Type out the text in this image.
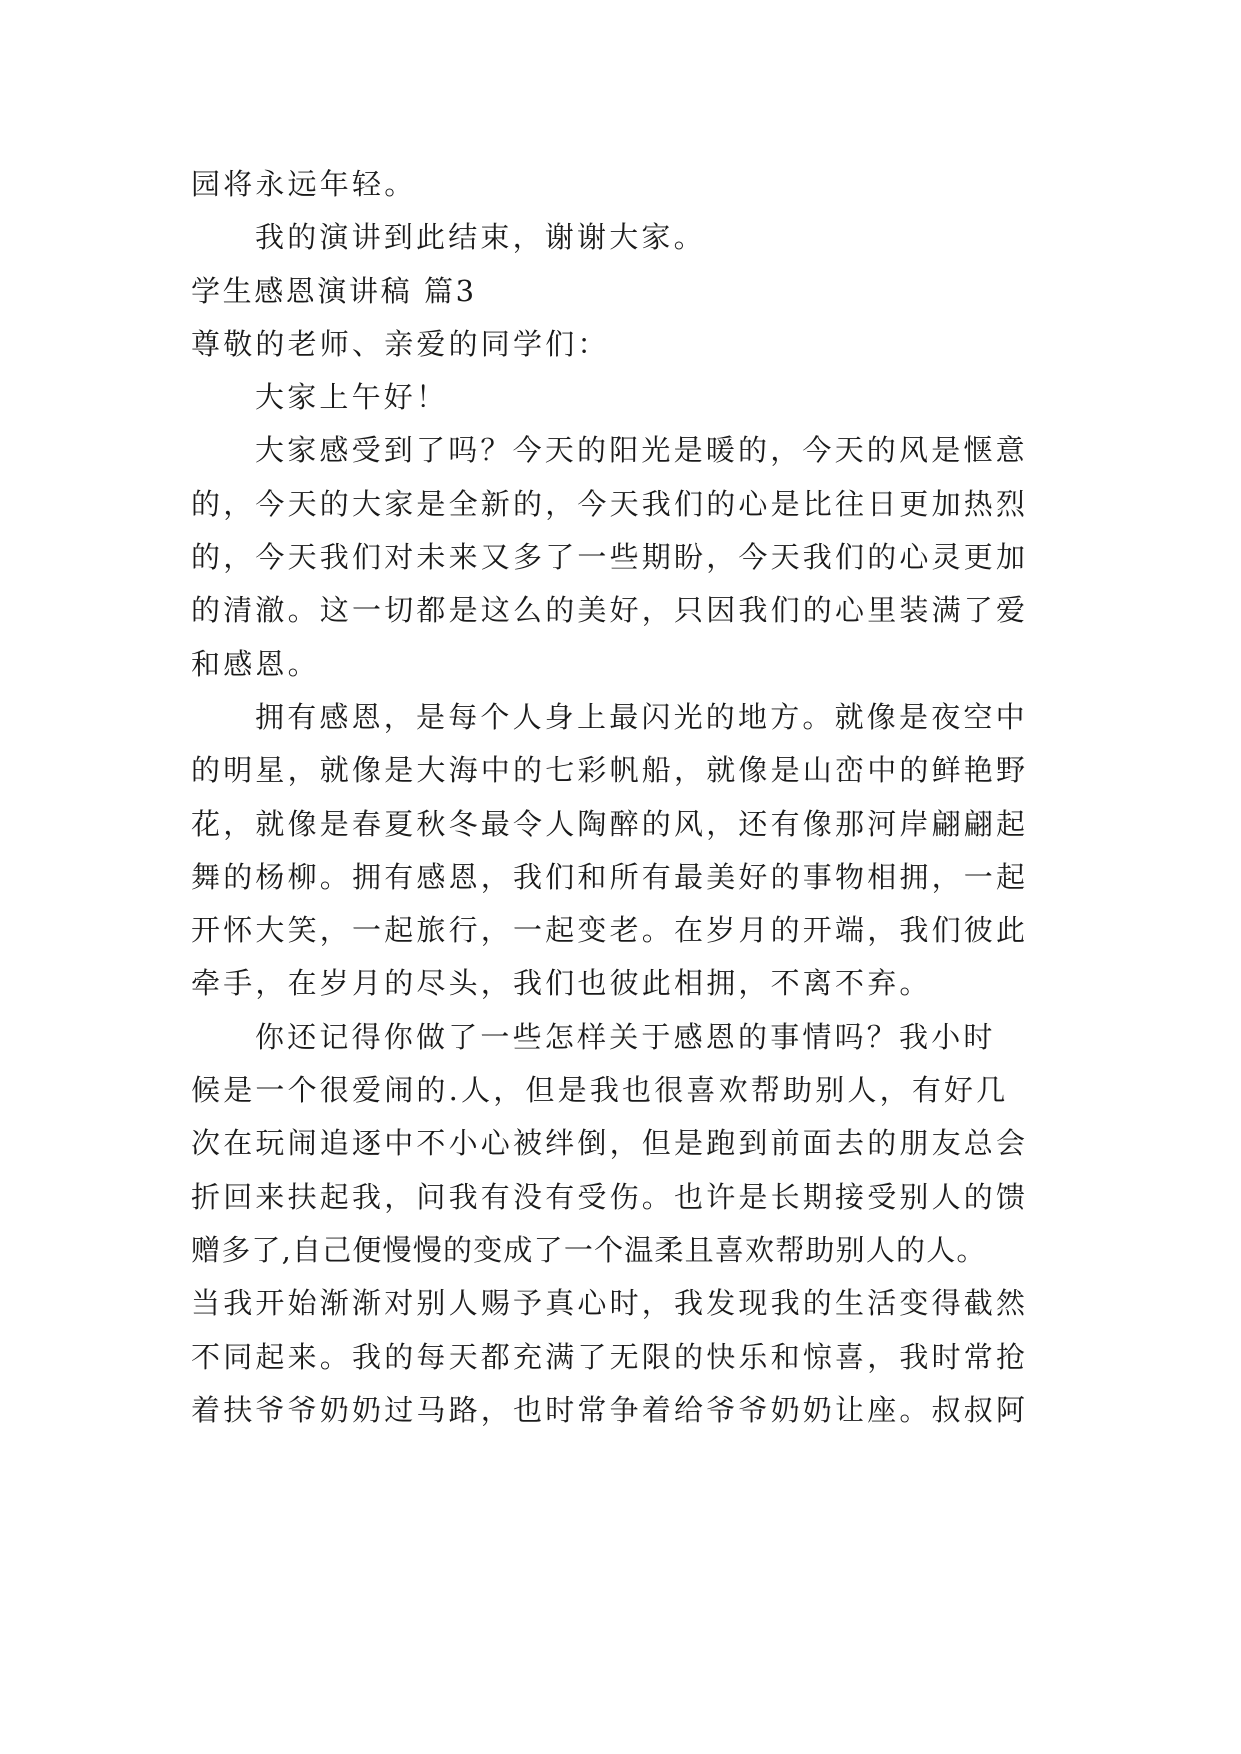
园将永远年轻。
我的演讲到此结束，谢谢大家。
学生感恩演讲稿 篇3
尊敬的老师、亲爱的同学们：
大家上午好！
大家感受到了吗？今天的阳光是暖的，今天的风是惬意
的，今天的大家是全新的，今天我们的心是比往日更加热烈
的，今天我们对未来又多了一些期盼，今天我们的心灵更加
的清澈。这一切都是这么的美好，只因我们的心里装满了爱
和感恩。
拥有感恩，是每个人身上最闪光的地方。就像是夜空中
的明星，就像是大海中的七彩帆船，就像是山峦中的鲜艳野
花，就像是春夏秋冬最令人陶醉的风，还有像那河岸翩翩起
舞的杨柳。拥有感恩，我们和所有最美好的事物相拥，一起
开怀大笑，一起旅行，一起变老。在岁月的开端，我们彼此
牵手，在岁月的尽头，我们也彼此相拥，不离不弃。
你还记得你做了一些怎样关于感恩的事情吗？我小时
候是一个很爱闹的.人，但是我也很喜欢帮助别人，有好几
次在玩闹追逐中不小心被绊倒，但是跑到前面去的朋友总会
折回来扶起我，问我有没有受伤。也许是长期接受别人的馈
赠多了,自己便慢慢的变成了一个温柔且喜欢帮助别人的人。
当我开始渐渐对别人赐予真心时，我发现我的生活变得截然
不同起来。我的每天都充满了无限的快乐和惊喜，我时常抢
着扶爷爷奶奶过马路，也时常争着给爷爷奶奶让座。叔叔阿
